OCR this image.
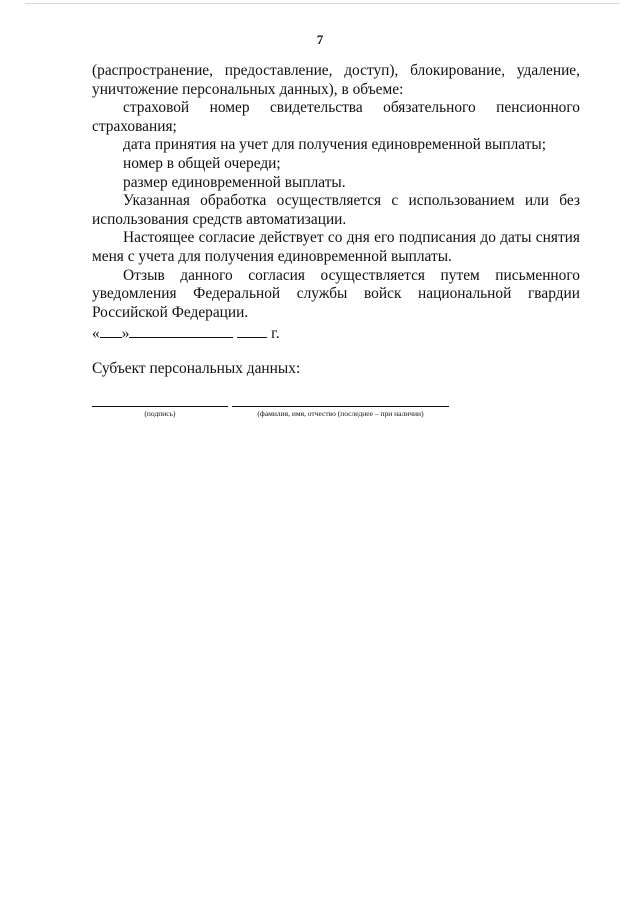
7

(распространение, предоставление, доступ), блокирование, удаление, уничтожение персональных данных), в объеме:

страховой номер свидетельства обязательного пенсионного страхования;

дата принятия на учет для получения единовременной выплаты;

номер в общей очереди;

размер единовременной выплаты.

Указанная обработка осуществляется с использованием или без использования средств автоматизации.

Настоящее согласие действует со дня его подписания до даты снятия меня с учета для получения единовременной выплаты.

Отзыв данного согласия осуществляется путем письменного уведомления Федеральной службы войск национальной гвардии Российской Федерации.

« »	г.
Субъект персональных данных:
(подпись)	(фамилия, имя, отчество (последнее – при наличии)
